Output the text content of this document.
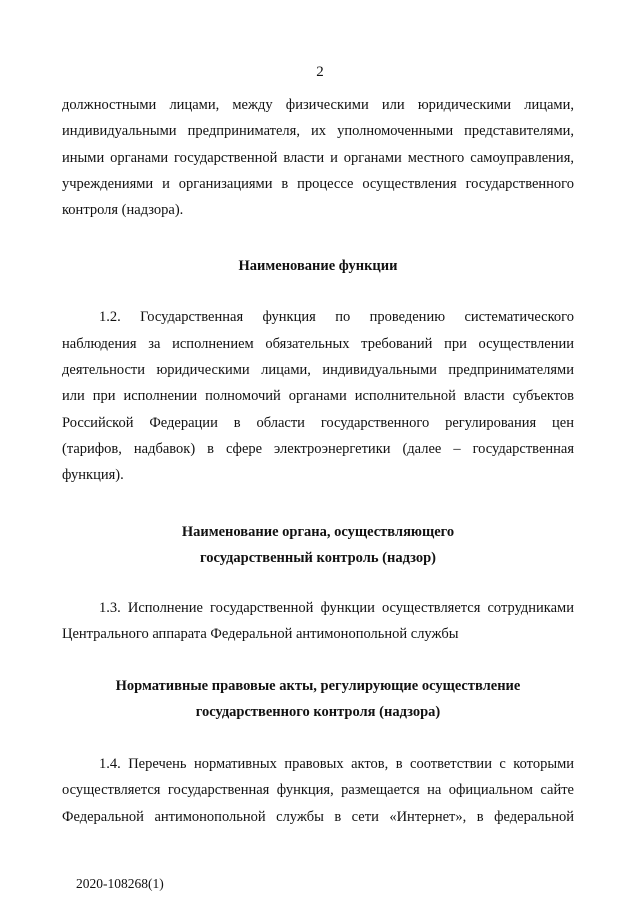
2

должностными лицами, между физическими или юридическими лицами,
индивидуальными предпринимателя, их уполномоченными представителями,
иными органами государственной власти и органами местного самоуправления,
учреждениями и организациями в процессе осуществления государственного
контроля (надзора).

Наименование функции

1.2. Государственная функция по проведению систематического
наблюдения за исполнением обязательных требований при осуществлении
деятельности юридическими лицами, индивидуальными предпринимателями
или при исполнении полномочий органами исполнительной власти субъектов
Российской Федерации в области государственного регулирования цен
(тарифов, надбавок) в сфере электроэнергетики (далее – государственная
функция).

Наименование органа, осуществляющего
государственный контроль (надзор)

1.3. Исполнение государственной функции осуществляется сотрудниками
Центрального аппарата Федеральной антимонопольной службы

Нормативные правовые акты, регулирующие осуществление
государственного контроля (надзора)

1.4. Перечень нормативных правовых актов, в соответствии с которыми
осуществляется государственная функция, размещается на официальном сайте
Федеральной антимонопольной службы в сети «Интернет», в федеральной

2020-108268(1)
